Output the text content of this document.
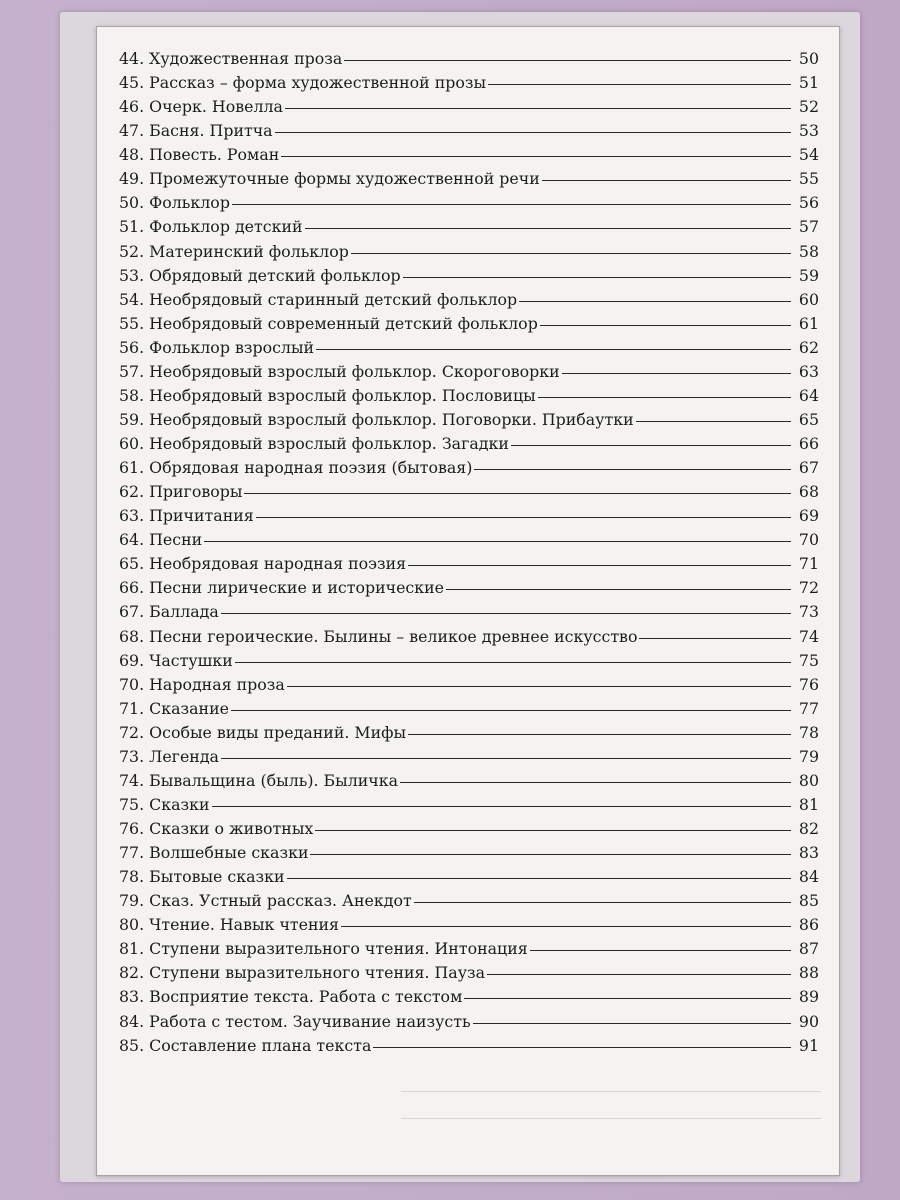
44. Художественная проза	50
45. Рассказ – форма художественной прозы	51
46. Очерк. Новелла	52
47. Басня. Притча	53
48. Повесть. Роман	54
49. Промежуточные формы художественной речи	55
50. Фольклор	56
51. Фольклор детский	57
52. Материнский фольклор	58
53. Обрядовый детский фольклор	59
54. Необрядовый старинный детский фольклор	60
55. Необрядовый современный детский фольклор	61
56. Фольклор взрослый	62
57. Необрядовый взрослый фольклор. Скороговорки	63
58. Необрядовый взрослый фольклор. Пословицы	64
59. Необрядовый взрослый фольклор. Поговорки. Прибаутки	65
60. Необрядовый взрослый фольклор. Загадки	66
61. Обрядовая народная поэзия (бытовая)	67
62. Приговоры	68
63. Причитания	69
64. Песни	70
65. Необрядовая народная поэзия	71
66. Песни лирические и исторические	72
67. Баллада	73
68. Песни героические. Былины – великое древнее искусство	74
69. Частушки	75
70. Народная проза	76
71. Сказание	77
72. Особые виды преданий. Мифы	78
73. Легенда	79
74. Бывальщина (быль). Быличка	80
75. Сказки	81
76. Сказки о животных	82
77. Волшебные сказки	83
78. Бытовые сказки	84
79. Сказ. Устный рассказ. Анекдот	85
80. Чтение. Навык чтения	86
81. Ступени выразительного чтения. Интонация	87
82. Ступени выразительного чтения. Пауза	88
83. Восприятие текста. Работа с текстом	89
84. Работа с тестом. Заучивание наизусть	90
85. Составление плана текста	91
